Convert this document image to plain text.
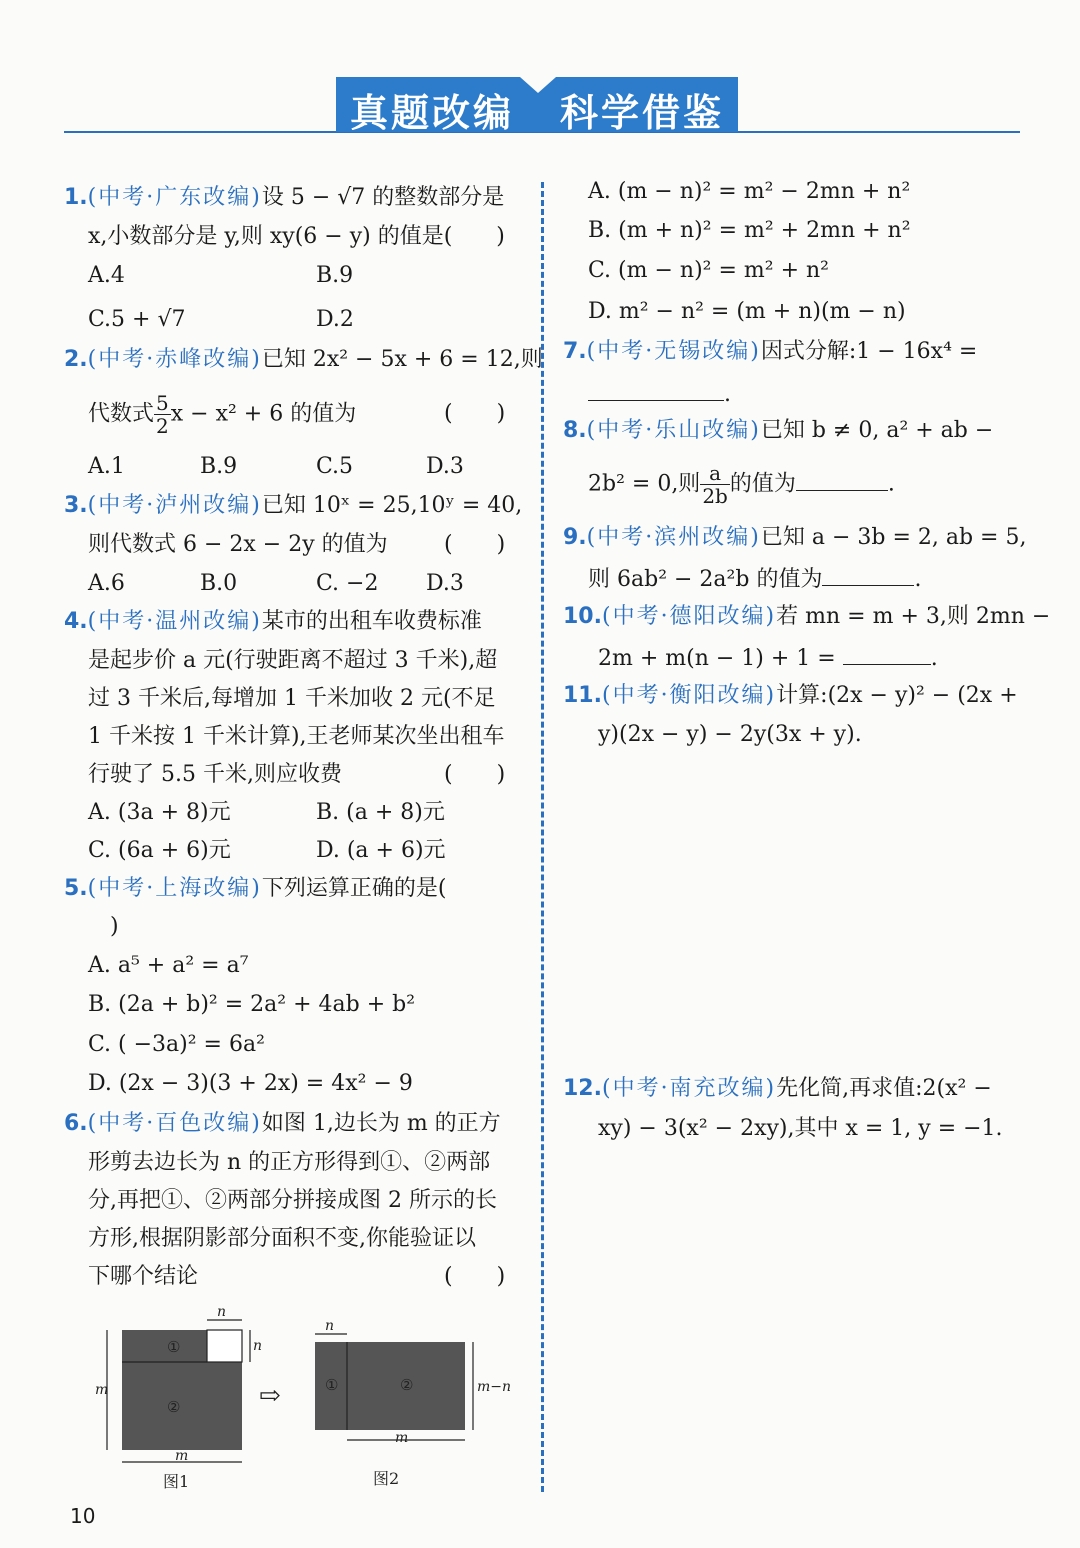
真题改编 科学借鉴
1.(中考·广东改编)设 5 − √7 的整数部分是
x,小数部分是 y,则 xy(6 − y) 的值是(　　)
A.4	B.9
C.5 + √7	D.2
2.(中考·赤峰改编)已知 2x² − 5x + 6 = 12,则
代数式 $\frac{5}{2}$ x − x² + 6 的值为	(　　)
A.1	B.9	C.5	D.3
3.(中考·泸州改编)已知 10ˣ = 25,10ʸ = 40,
则代数式 6 − 2x − 2y 的值为	(　　)
A.6	B.0	C. −2 D.3
4.(中考·温州改编)某市的出租车收费标准
是起步价 a 元(行驶距离不超过 3 千米),超
过 3 千米后,每增加 1 千米加收 2 元(不足
1 千米按 1 千米计算),王老师某次坐出租车
行驶了 5.5 千米,则应收费	(　　)
A. (3a + 8)元	B. (a + 8)元
C. (6a + 6)元	D. (a + 6)元
5.(中考·上海改编)下列运算正确的是(
)
A. a⁵ + a² = a⁷
B. (2a + b)² = 2a² + 4ab + b²
C. ( −3a)² = 6a²
D. (2x − 3)(3 + 2x) = 4x² − 9
6.(中考·百色改编)如图 1,边长为 m 的正方
形剪去边长为 n 的正方形得到①、②两部
分,再把①、②两部分拼接成图 2 所示的长
方形,根据阴影部分面积不变,你能验证以
下哪个结论	(　　)
①
②
m
m
n
n
图1
⇨	①	②
n
m
m−n
图2
A. (m − n)² = m² − 2mn + n²
B. (m + n)² = m² + 2mn + n²
C. (m − n)² = m² + n²
D. m² − n² = (m + n)(m − n)
7.(中考·无锡改编)因式分解:1 − 16x⁴ =
.
8.(中考·乐山改编)已知 b ≠ 0, a² + ab −
2b² = 0,则 $\frac{a}{2b}$ 的值为	.
9.(中考·滨州改编)已知 a − 3b = 2, ab = 5,
则 6ab² − 2a²b 的值为	.
10.(中考·德阳改编)若 mn = m + 3,则 2mn −
2m + m(n − 1) + 1 =	.
11.(中考·衡阳改编)计算:(2x − y)² − (2x +
y)(2x − y) − 2y(3x + y).
12.(中考·南充改编)先化简,再求值:2(x² −
xy) − 3(x² − 2xy),其中 x = 1, y = −1.
10
